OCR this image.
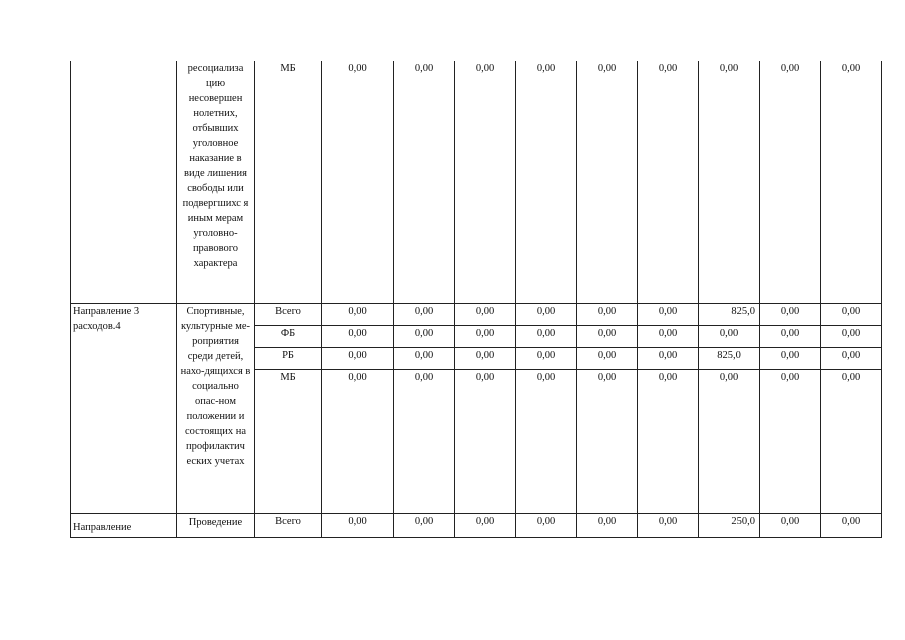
	ресоциализа цию несовершен нолетних, отбывших уголовное наказание в виде лишения свободы или подвергшихс я иным мерам уголовно-правового характера	МБ	0,00	0,00	0,00	0,00	0,00	0,00	0,00	0,00	0,00
Направление 3 расходов.4	Спортивные, культурные ме-роприятия среди детей, нахо-дящихся в социально опас-ном положении и состоящих на профилактич еских учетах	Всего	0,00	0,00	0,00	0,00	0,00	0,00	825,0	0,00	0,00
		ФБ	0,00	0,00	0,00	0,00	0,00	0,00	0,00	0,00	0,00
		РБ	0,00	0,00	0,00	0,00	0,00	0,00	825,0	0,00	0,00
		МБ	0,00	0,00	0,00	0,00	0,00	0,00	0,00	0,00	0,00
Направление	Проведение	Всего	0,00	0,00	0,00	0,00	0,00	0,00	250,0	0,00	0,00
